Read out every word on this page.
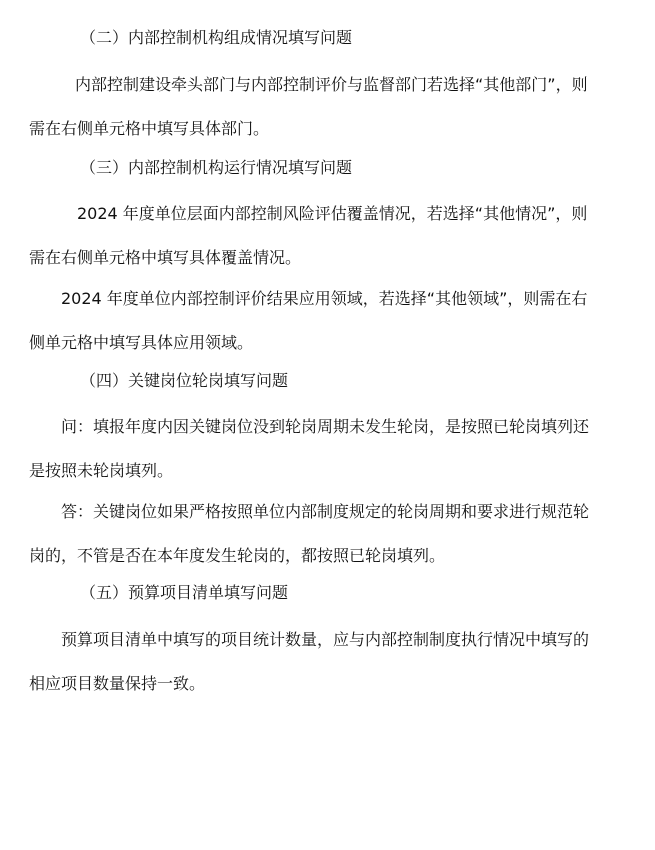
（二）内部控制机构组成情况填写问题

内部控制建设牵头部门与内部控制评价与监督部门若选择“其他部门”，则
需在右侧单元格中填写具体部门。

（三）内部控制机构运行情况填写问题

2024 年度单位层面内部控制风险评估覆盖情况，若选择“其他情况”，则
需在右侧单元格中填写具体覆盖情况。

2024 年度单位内部控制评价结果应用领域，若选择“其他领域”，则需在右
侧单元格中填写具体应用领域。

（四）关键岗位轮岗填写问题

问：填报年度内因关键岗位没到轮岗周期未发生轮岗，是按照已轮岗填列还
是按照未轮岗填列。

答：关键岗位如果严格按照单位内部制度规定的轮岗周期和要求进行规范轮
岗的，不管是否在本年度发生轮岗的，都按照已轮岗填列。

（五）预算项目清单填写问题

预算项目清单中填写的项目统计数量，应与内部控制制度执行情况中填写的
相应项目数量保持一致。
